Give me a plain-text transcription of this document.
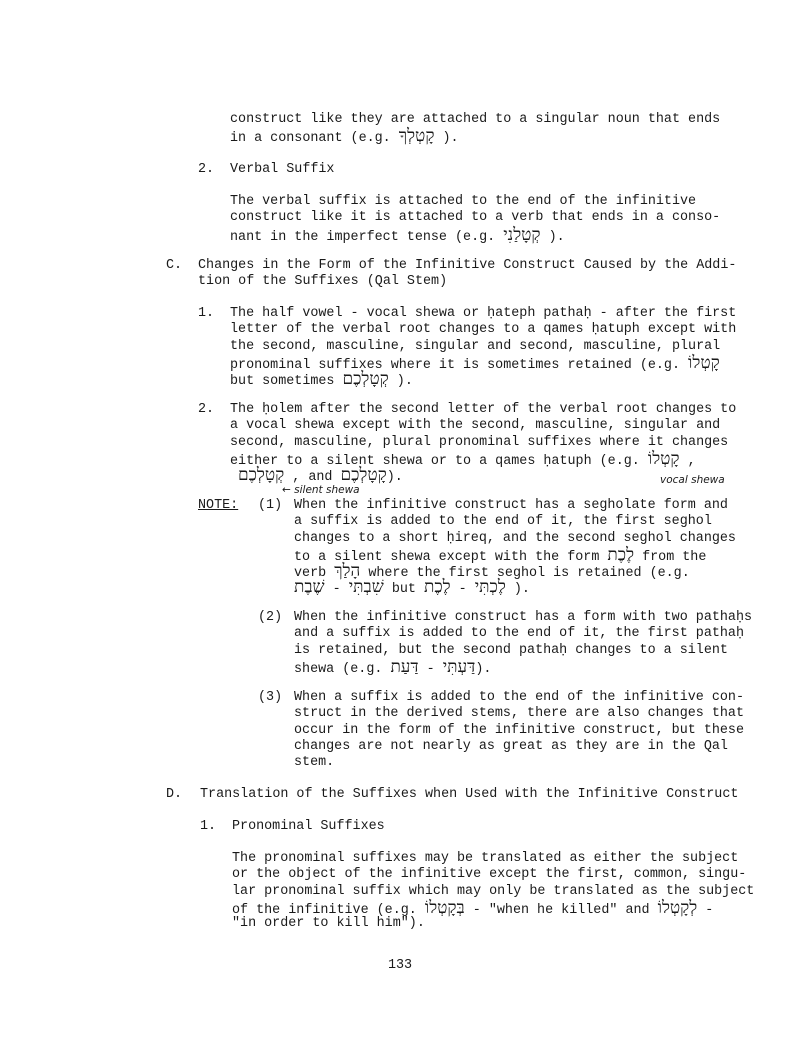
construct like they are attached to a singular noun that ends
in a consonant (e.g. קָטְלְךָ ).
2. Verbal Suffix
The verbal suffix is attached to the end of the infinitive
construct like it is attached to a verb that ends in a conso-
nant in the imperfect tense (e.g. קְטָלַנִי ).
C. Changes in the Form of the Infinitive Construct Caused by the Addi-
tion of the Suffixes (Qal Stem)
1. The half vowel - vocal shewa or ḥateph pathaḥ - after the first
letter of the verbal root changes to a qames ḥatuph except with
the second, masculine, singular and second, masculine, plural
pronominal suffixes where it is sometimes retained (e.g. קָטְלוֹ
but sometimes קְטָלְכֶם ).
2. The ḥolem after the second letter of the verbal root changes to
a vocal shewa except with the second, masculine, singular and
second, masculine, plural pronominal suffixes where it changes
either to a silent shewa or to a qames ḥatuph (e.g. קָטְלוֹ ,
קְטָלְכֶם , and קָטָלְכֶם).
← silent shewa
vocal shewa
NOTE: (1) When the infinitive construct has a segholate form and
a suffix is added to the end of it, the first seghol
changes to a short ḥireq, and the second seghol changes
to a silent shewa except with the form לֶכֶת from the
verb הָלַךְ where the first seghol is retained (e.g.
שֶׁבֶת - שִׁבְתִּי but לֶכֶת - לֶכְתִּי ).
(2) When the infinitive construct has a form with two pathaḥs
and a suffix is added to the end of it, the first pathaḥ
is retained, but the second pathaḥ changes to a silent
shewa (e.g. דַּעַת - דַּעְתִּי).
(3) When a suffix is added to the end of the infinitive con-
struct in the derived stems, there are also changes that
occur in the form of the infinitive construct, but these
changes are not nearly as great as they are in the Qal
stem.
D. Translation of the Suffixes when Used with the Infinitive Construct
1. Pronominal Suffixes
The pronominal suffixes may be translated as either the subject
or the object of the infinitive except the first, common, singu-
lar pronominal suffix which may only be translated as the subject
of the infinitive (e.g. בְּקָטְלוֹ - "when he killed" and לְקָטְלוֹ -
"in order to kill him").
133
